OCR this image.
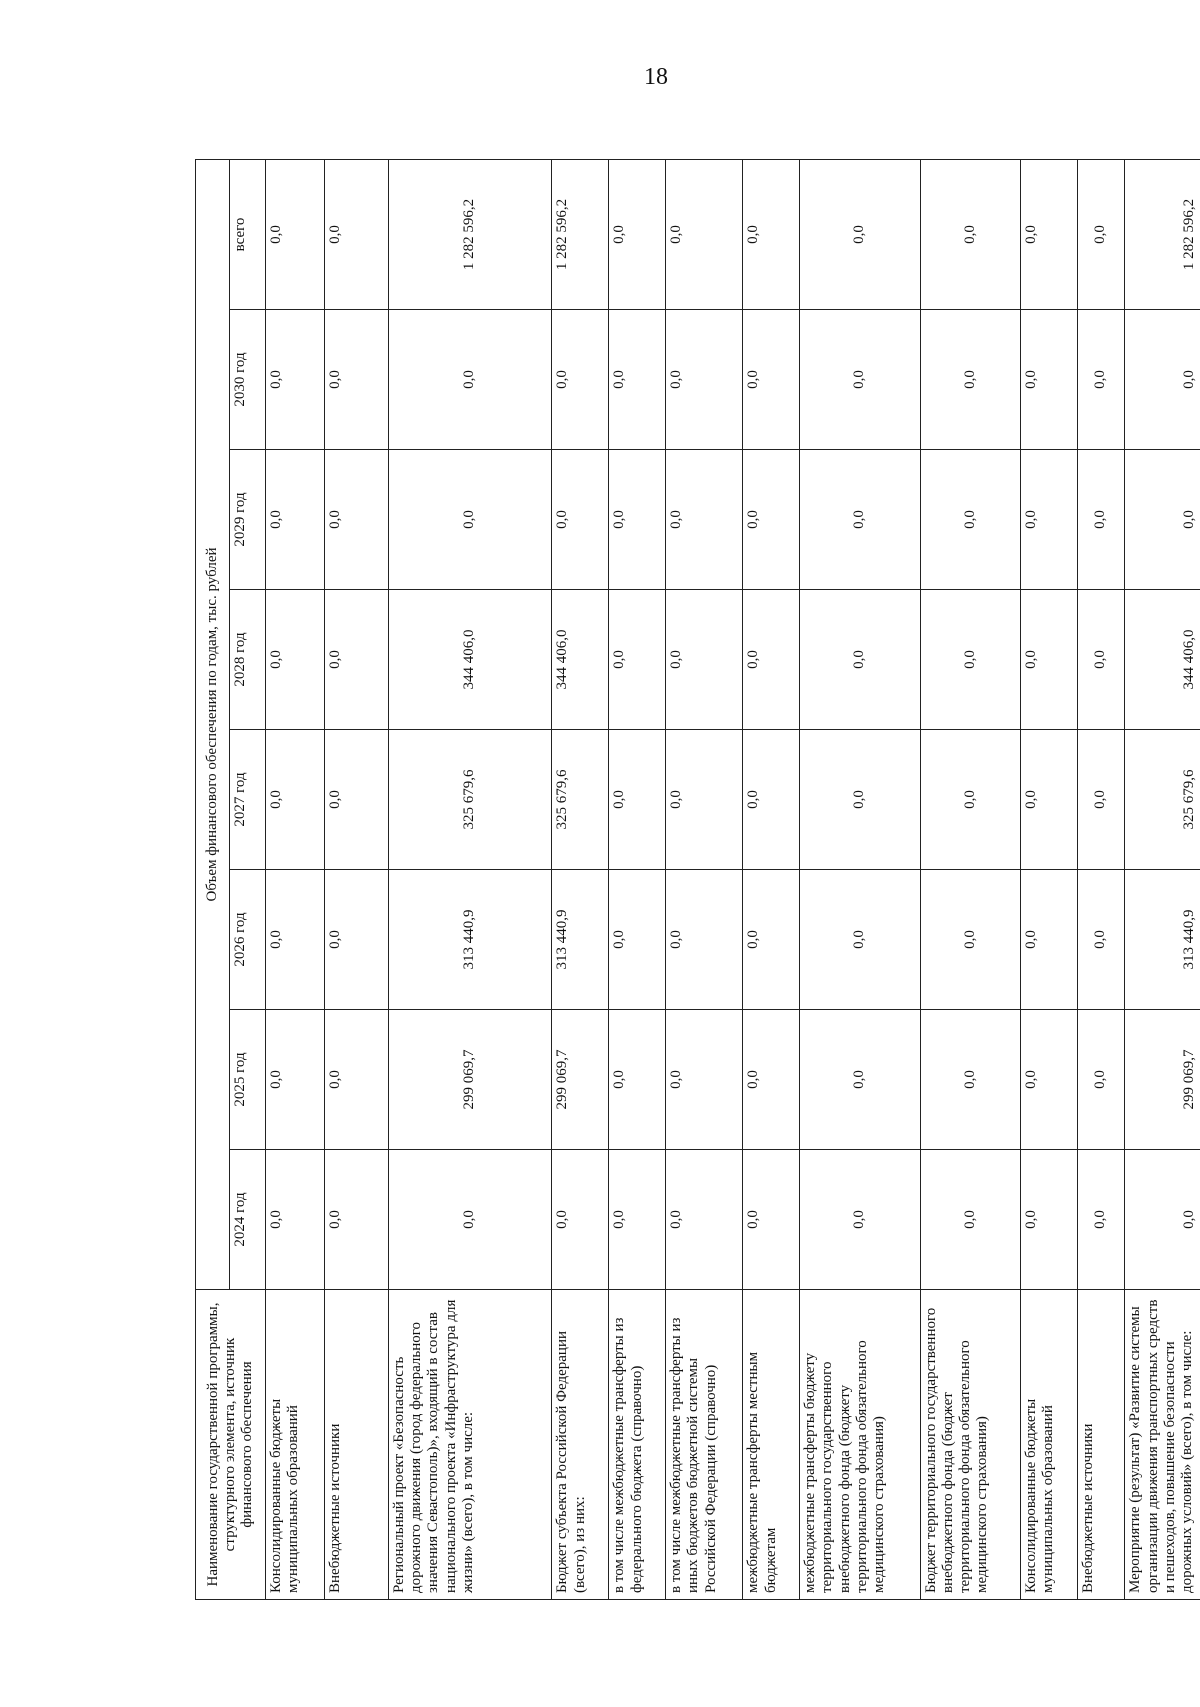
18
Наименование государственной программы, структурного элемента, источник финансового обеспечения	Объем финансового обеспечения по годам, тыс. рублей							
	2024 год	2025 год	2026 год	2027 год	2028 год	2029 год	2030 год	всего
Консолидированные бюджеты муниципальных образований	0,0	0,0	0,0	0,0	0,0	0,0	0,0	0,0
Внебюджетные источники	0,0	0,0	0,0	0,0	0,0	0,0	0,0	0,0
Региональный проект «Безопасность дорожного движения (город федерального значения Севастополь)», входящий в состав национального проекта «Инфраструктура для жизни» (всего), в том числе:	0,0	299 069,7	313 440,9	325 679,6	344 406,0	0,0	0,0	1 282 596,2
Бюджет субъекта Российской Федерации (всего), из них:	0,0	299 069,7	313 440,9	325 679,6	344 406,0	0,0	0,0	1 282 596,2
в том числе межбюджетные трансферты из федерального бюджета (справочно)	0,0	0,0	0,0	0,0	0,0	0,0	0,0	0,0
в том числе межбюджетные трансферты из иных бюджетов бюджетной системы Российской Федерации (справочно)	0,0	0,0	0,0	0,0	0,0	0,0	0,0	0,0
межбюджетные трансферты местным бюджетам	0,0	0,0	0,0	0,0	0,0	0,0	0,0	0,0
межбюджетные трансферты бюджету территориального государственного внебюджетного фонда (бюджету территориального фонда обязательного медицинского страхования)	0,0	0,0	0,0	0,0	0,0	0,0	0,0	0,0
Бюджет территориального государственного внебюджетного фонда (бюджет территориального фонда обязательного медицинского страхования)	0,0	0,0	0,0	0,0	0,0	0,0	0,0	0,0
Консолидированные бюджеты муниципальных образований	0,0	0,0	0,0	0,0	0,0	0,0	0,0	0,0
Внебюджетные источники	0,0	0,0	0,0	0,0	0,0	0,0	0,0	0,0
Мероприятие (результат) «Развитие системы организации движения транспортных средств и пешеходов, повышение безопасности дорожных условий» (всего), в том числе:	0,0	299 069,7	313 440,9	325 679,6	344 406,0	0,0	0,0	1 282 596,2
